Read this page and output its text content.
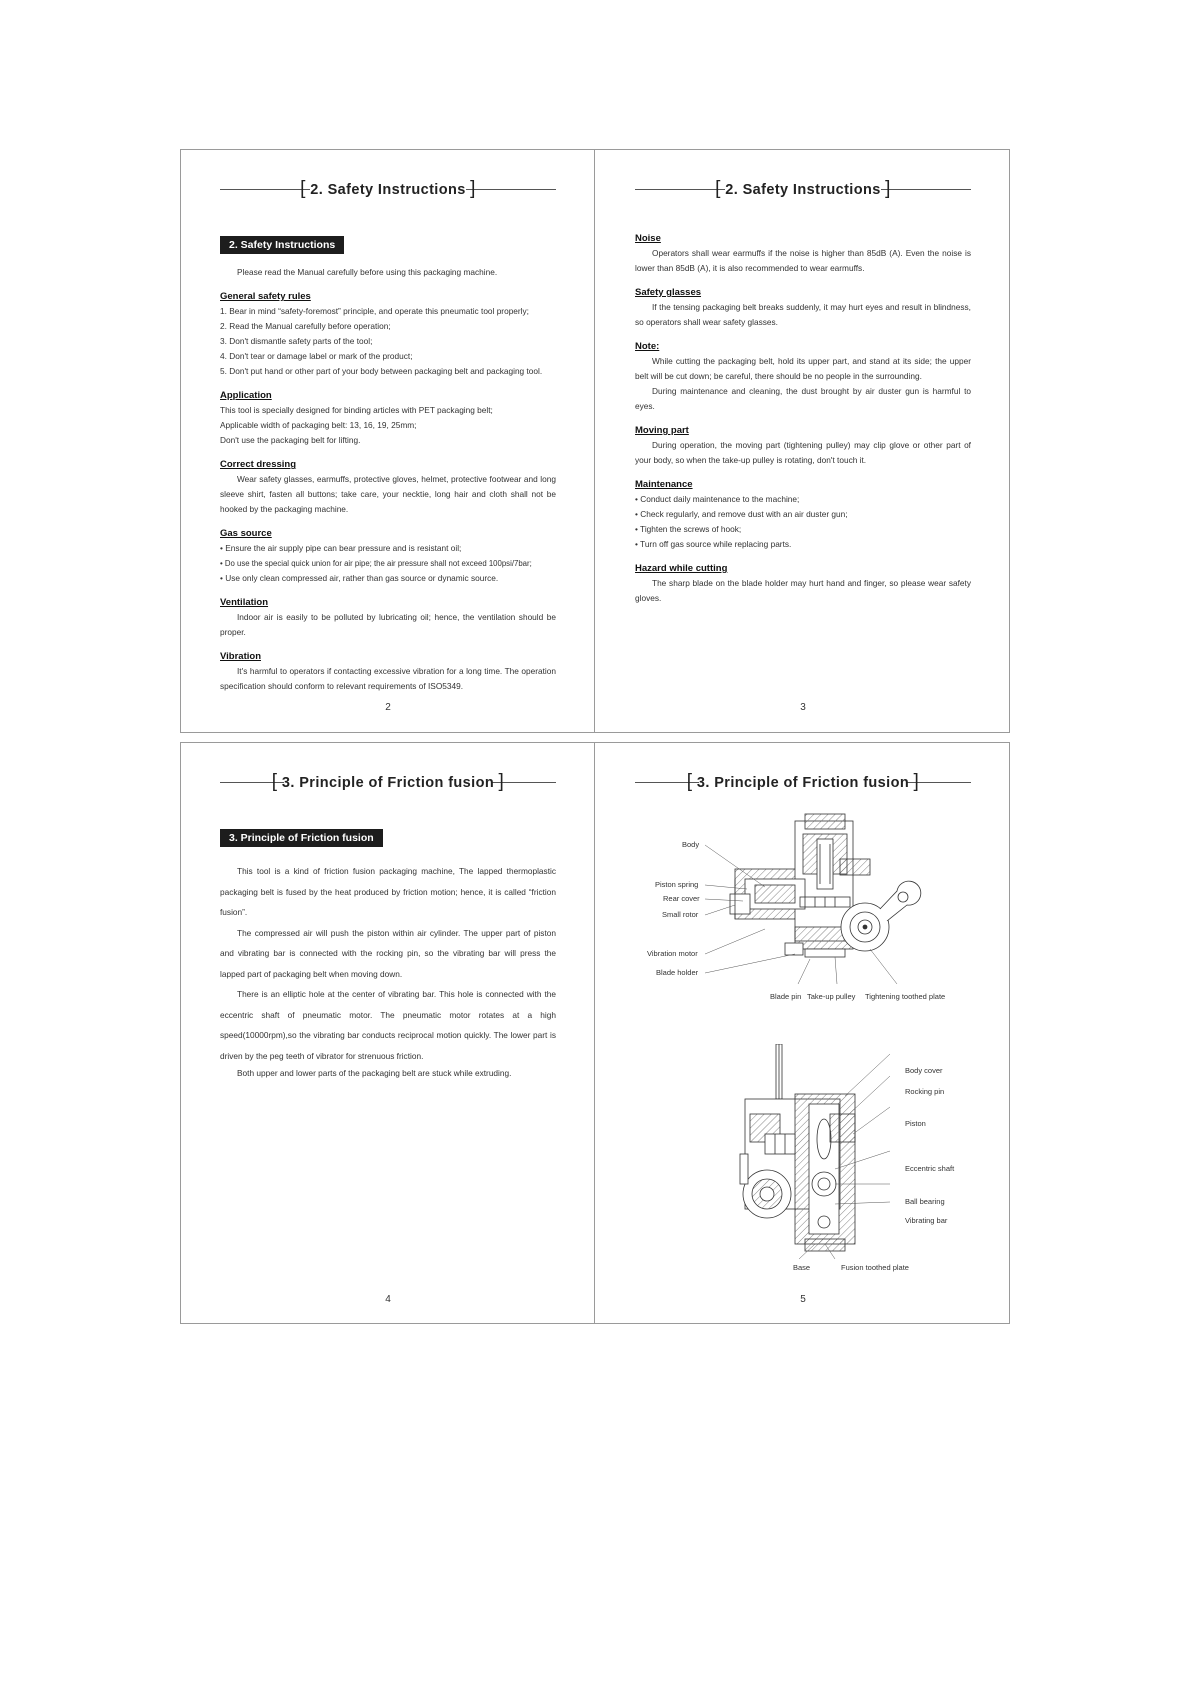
[ 2. Safety Instructions ]
2. Safety Instructions
Please read the Manual carefully before using this packaging machine.
General safety rules
1. Bear in mind “safety-foremost” principle, and operate this pneumatic tool properly;
2. Read the Manual carefully before operation;
3. Don't dismantle safety parts of the tool;
4. Don't tear or damage label or mark of the product;
5. Don't put hand or other part of your body between packaging belt and packaging tool.
Application
This tool is specially designed for binding articles with PET packaging belt;
Applicable width of packaging belt: 13, 16, 19, 25mm;
Don't use the packaging belt for lifting.
Correct dressing
Wear safety glasses, earmuffs, protective gloves, helmet, protective footwear and long sleeve shirt, fasten all buttons; take care, your necktie, long hair and cloth shall not be hooked by the packaging machine.
Gas source
• Ensure the air supply pipe can bear pressure and is resistant oil;
• Do use the special quick union for air pipe; the air pressure shall not exceed 100psi/7bar;
• Use only clean compressed air, rather than gas source or dynamic source.
Ventilation
Indoor air is easily to be polluted by lubricating oil; hence, the ventilation should be proper.
Vibration
It's harmful to operators if contacting excessive vibration for a long time. The operation specification should conform to relevant requirements of ISO5349.
2
[ 2. Safety Instructions ]
Noise
Operators shall wear earmuffs if the noise is higher than 85dB (A). Even the noise is lower than 85dB (A), it is also recommended to wear earmuffs.
Safety glasses
If the tensing packaging belt breaks suddenly, it may hurt eyes and result in blindness, so operators shall wear safety glasses.
Note:
While cutting the packaging belt, hold its upper part, and stand at its side; the upper belt will be cut down; be careful, there should be no people in the surrounding.
During maintenance and cleaning, the dust brought by air duster gun is harmful to eyes.
Moving part
During operation, the moving part (tightening pulley) may clip glove or other part of your body, so when the take-up pulley is rotating, don't touch it.
Maintenance
• Conduct daily maintenance to the machine;
• Check regularly, and remove dust with an air duster gun;
• Tighten the screws of hook;
• Turn off gas source while replacing parts.
Hazard while cutting
The sharp blade on the blade holder may hurt hand and finger, so please wear safety gloves.
3
[ 3. Principle of Friction fusion ]
3. Principle of Friction fusion
This tool is a kind of friction fusion packaging machine, The lapped thermoplastic packaging belt is fused by the heat produced by friction motion; hence, it is called “friction fusion”.
The compressed air will push the piston within air cylinder. The upper part of piston and vibrating bar is connected with the rocking pin, so the vibrating bar will press the lapped part of packaging belt when moving down.
There is an elliptic hole at the center of vibrating bar. This hole is connected with the eccentric shaft of pneumatic motor. The pneumatic motor rotates at a high speed(10000rpm),so the vibrating bar conducts reciprocal motion quickly. The lower part is driven by the peg teeth of vibrator for strenuous friction.
Both upper and lower parts of the packaging belt are stuck while extruding.
4
[ 3. Principle of Friction fusion ]
Body
Piston spring
Rear cover
Small rotor
Vibration motor
Blade holder
Blade pin Take-up pulley Tightening toothed plate
Body cover
Rocking pin
Piston
Eccentric shaft
Ball bearing
Vibrating bar
Base	Fusion toothed plate
5
